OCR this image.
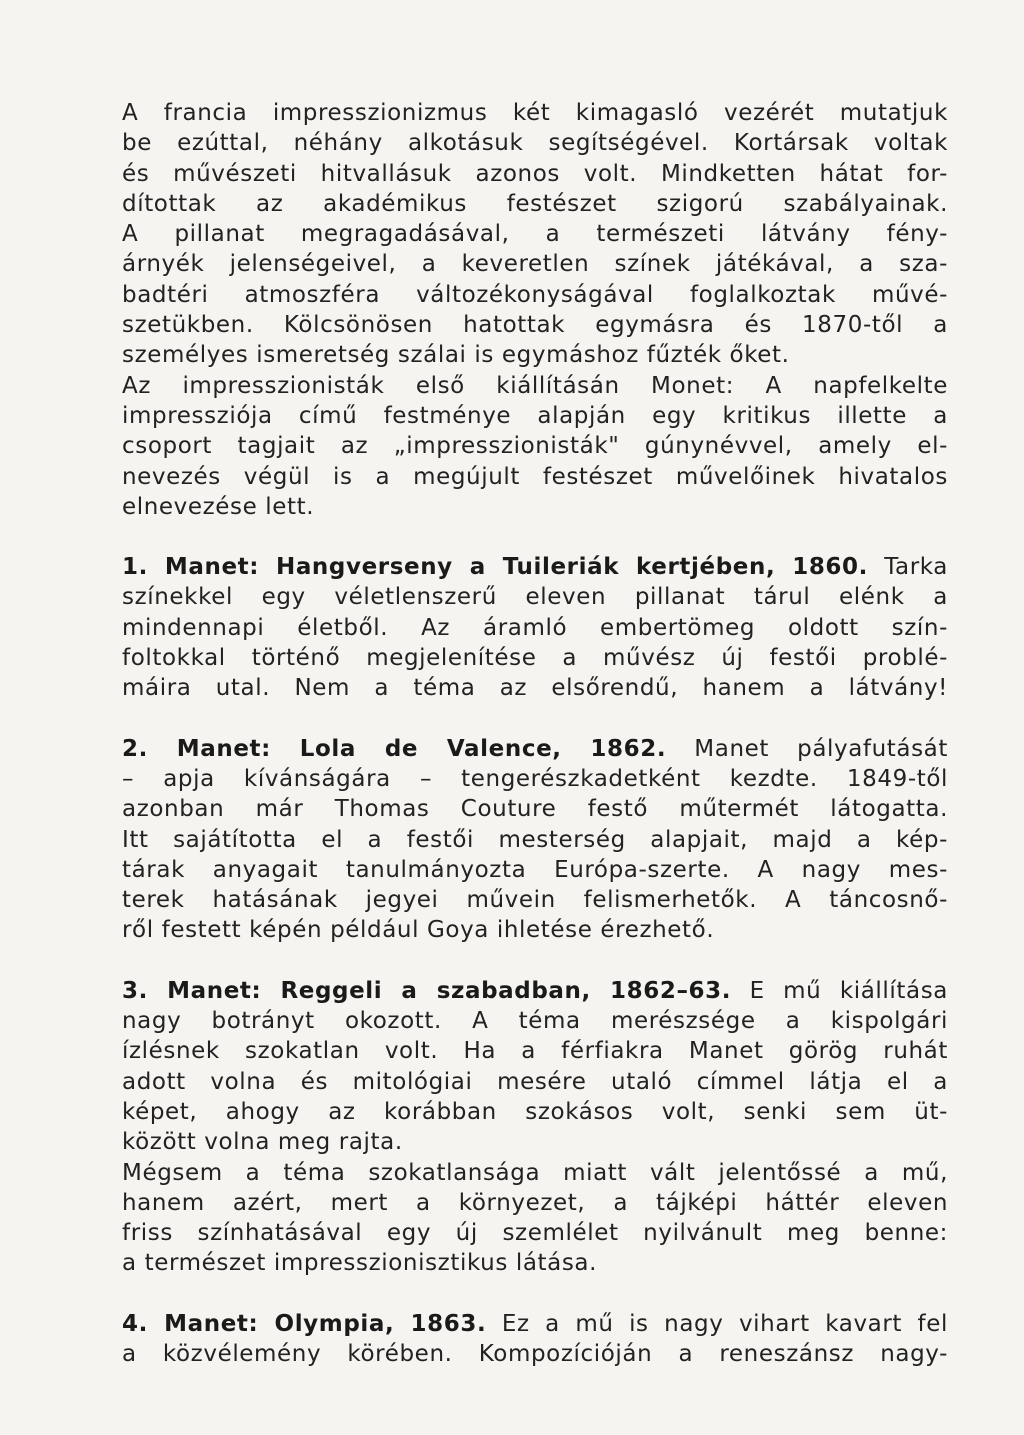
A francia impresszionizmus két kimagasló vezérét mutatjuk
be ezúttal, néhány alkotásuk segítségével. Kortársak voltak
és művészeti hitvallásuk azonos volt. Mindketten hátat for-
dítottak az akadémikus festészet szigorú szabályainak.

A pillanat megragadásával, a természeti látvány fény-
árnyék jelenségeivel, a keveretlen színek játékával, a sza-
badtéri atmoszféra változékonyságával foglalkoztak művé-
szetükben. Kölcsönösen hatottak egymásra és 1870-től a
személyes ismeretség szálai is egymáshoz fűzték őket.

Az impresszionisták első kiállításán Monet: A napfelkelte
impressziója című festménye alapján egy kritikus illette a
csoport tagjait az „impresszionisták" gúnynévvel, amely el-
nevezés végül is a megújult festészet művelőinek hivatalos
elnevezése lett.

1. Manet: Hangverseny a Tuileriák kertjében, 1860. Tarka
színekkel egy véletlenszerű eleven pillanat tárul elénk a
mindennapi életből. Az áramló embertömeg oldott szín-
foltokkal történő megjelenítése a művész új festői problé-
máira utal. Nem a téma az elsőrendű, hanem a látvány!

2. Manet: Lola de Valence, 1862. Manet pályafutását
– apja kívánságára – tengerészkadetként kezdte. 1849-től
azonban már Thomas Couture festő műtermét látogatta.
Itt sajátította el a festői mesterség alapjait, majd a kép-
tárak anyagait tanulmányozta Európa-szerte. A nagy mes-
terek hatásának jegyei művein felismerhetők. A táncosnő-
ről festett képén például Goya ihletése érezhető.

3. Manet: Reggeli a szabadban, 1862–63. E mű kiállítása
nagy botrányt okozott. A téma merészsége a kispolgári
ízlésnek szokatlan volt. Ha a férfiakra Manet görög ruhát
adott volna és mitológiai mesére utaló címmel látja el a
képet, ahogy az korábban szokásos volt, senki sem üt-
között volna meg rajta.
Mégsem a téma szokatlansága miatt vált jelentőssé a mű,
hanem azért, mert a környezet, a tájképi háttér eleven
friss színhatásával egy új szemlélet nyilvánult meg benne:
a természet impresszionisztikus látása.

4. Manet: Olympia, 1863. Ez a mű is nagy vihart kavart fel
a közvélemény körében. Kompozícióján a reneszánsz nagy-
